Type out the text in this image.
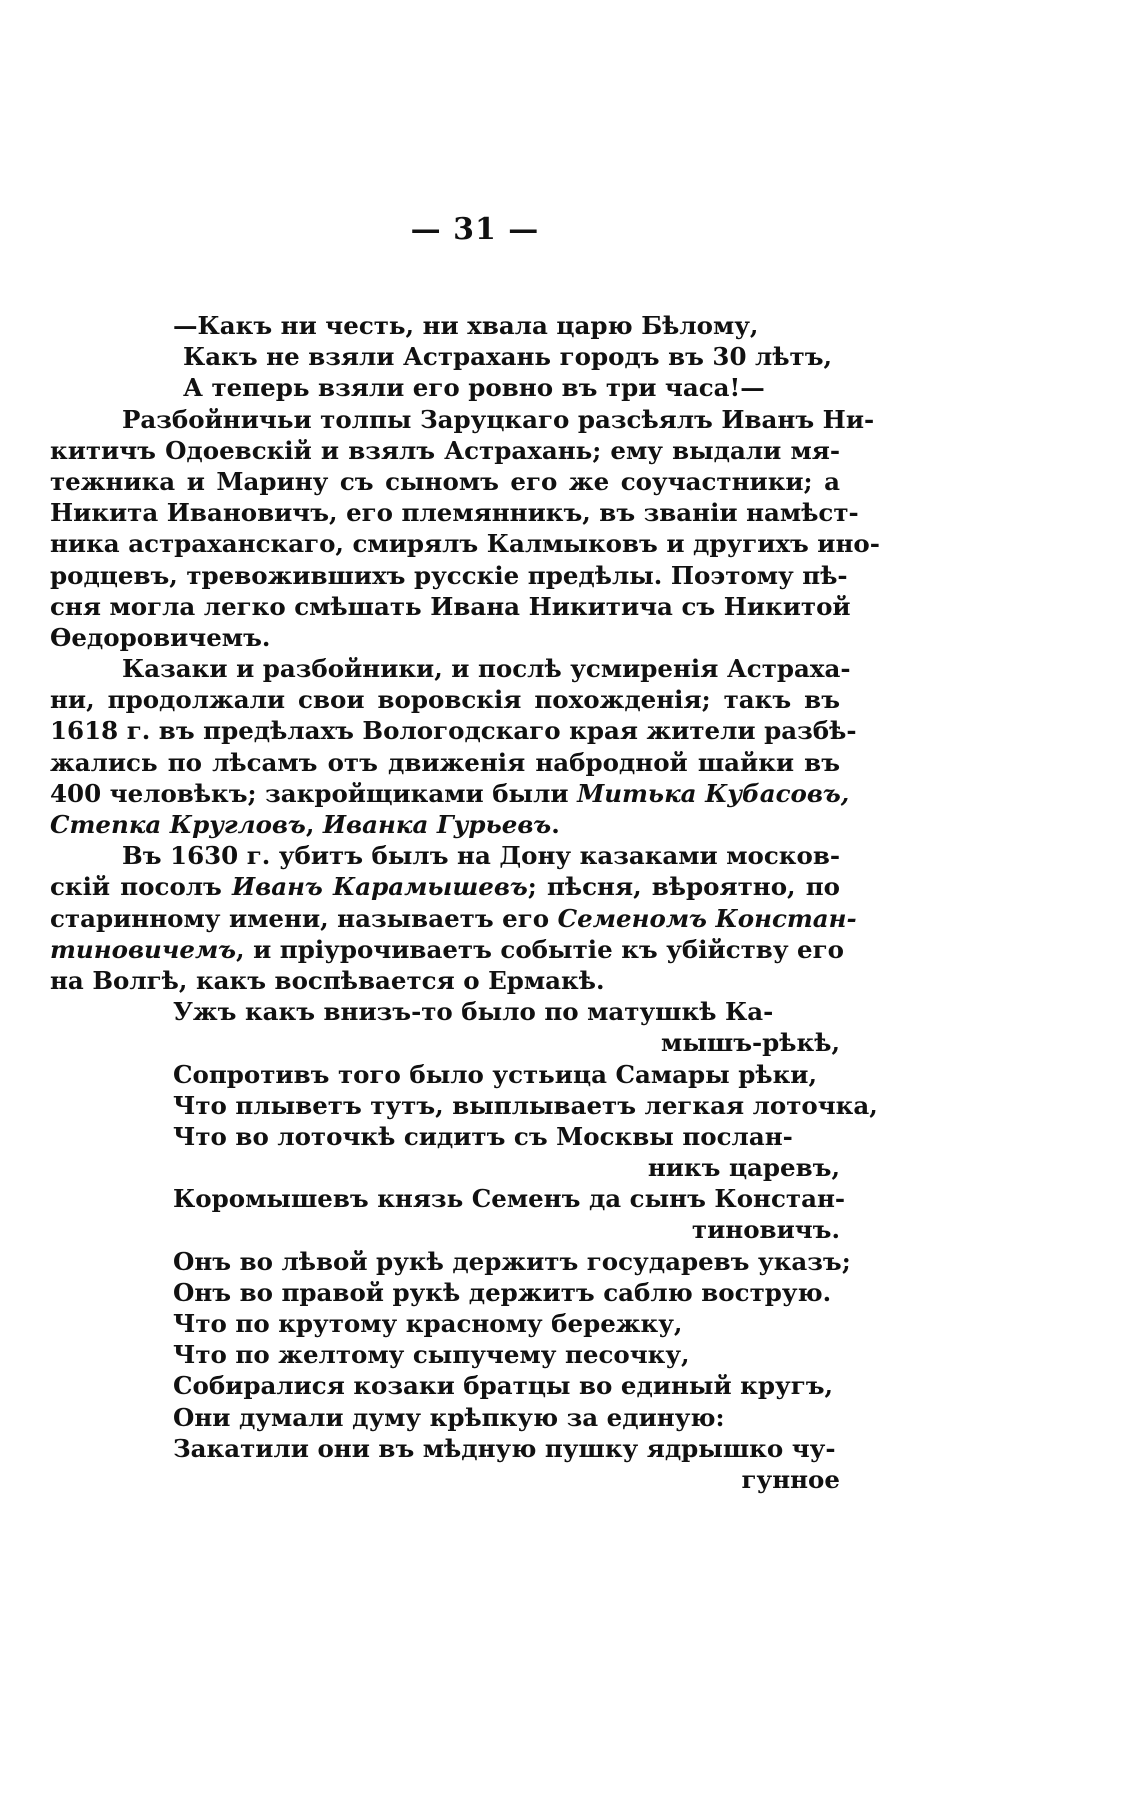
— 31 —
—Какъ ни честь, ни хвала царю Бѣлому,
Какъ не взяли Астрахань городъ въ 30 лѣтъ,
А теперь взяли его ровно въ три часа!—
Разбойничьи толпы Заруцкаго разсѣялъ Иванъ Ни-
китичъ Одоевскій и взялъ Астрахань; ему выдали мя-
тежника и Марину съ сыномъ его же соучастники; а
Никита Ивановичъ, его племянникъ, въ званіи намѣст-
ника астраханскаго, смирялъ Калмыковъ и другихъ ино-
родцевъ, тревожившихъ русскіе предѣлы. Поэтому пѣ-
сня могла легко смѣшать Ивана Никитича съ Никитой
Өедоровичемъ.
Казаки и разбойники, и послѣ усмиренія Астраха-
ни, продолжали свои воровскія похожденія; такъ въ
1618 г. въ предѣлахъ Вологодскаго края жители разбѣ-
жались по лѣсамъ отъ движенія набродной шайки въ
400 человѣкъ; закройщиками были Митька Кубасовъ,
Степка Кругловъ, Иванка Гурьевъ.
Въ 1630 г. убитъ былъ на Дону казаками москов-
скій посолъ Иванъ Карамышевъ; пѣсня, вѣроятно, по
старинному имени, называетъ его Семеномъ Констан-
тиновичемъ, и пріурочиваетъ событіе къ убійству его
на Волгѣ, какъ воспѣвается о Ермакѣ.
Ужъ какъ внизъ-то было по матушкѣ Ка-
мышъ-рѣкѣ,
Сопротивъ того было устьица Самары рѣки,
Что плыветъ тутъ, выплываетъ легкая лоточка,
Что во лоточкѣ сидитъ съ Москвы послан-
никъ царевъ,
Коромышевъ князь Семенъ да сынъ Констан-
тиновичъ.
Онъ во лѣвой рукѣ держитъ государевъ указъ;
Онъ во правой рукѣ держитъ саблю вострую.
Что по крутому красному бережку,
Что по желтому сыпучему песочку,
Собиралися козаки братцы во единый кругъ,
Они думали думу крѣпкую за единую:
Закатили они въ мѣдную пушку ядрышко чу-
гунное
